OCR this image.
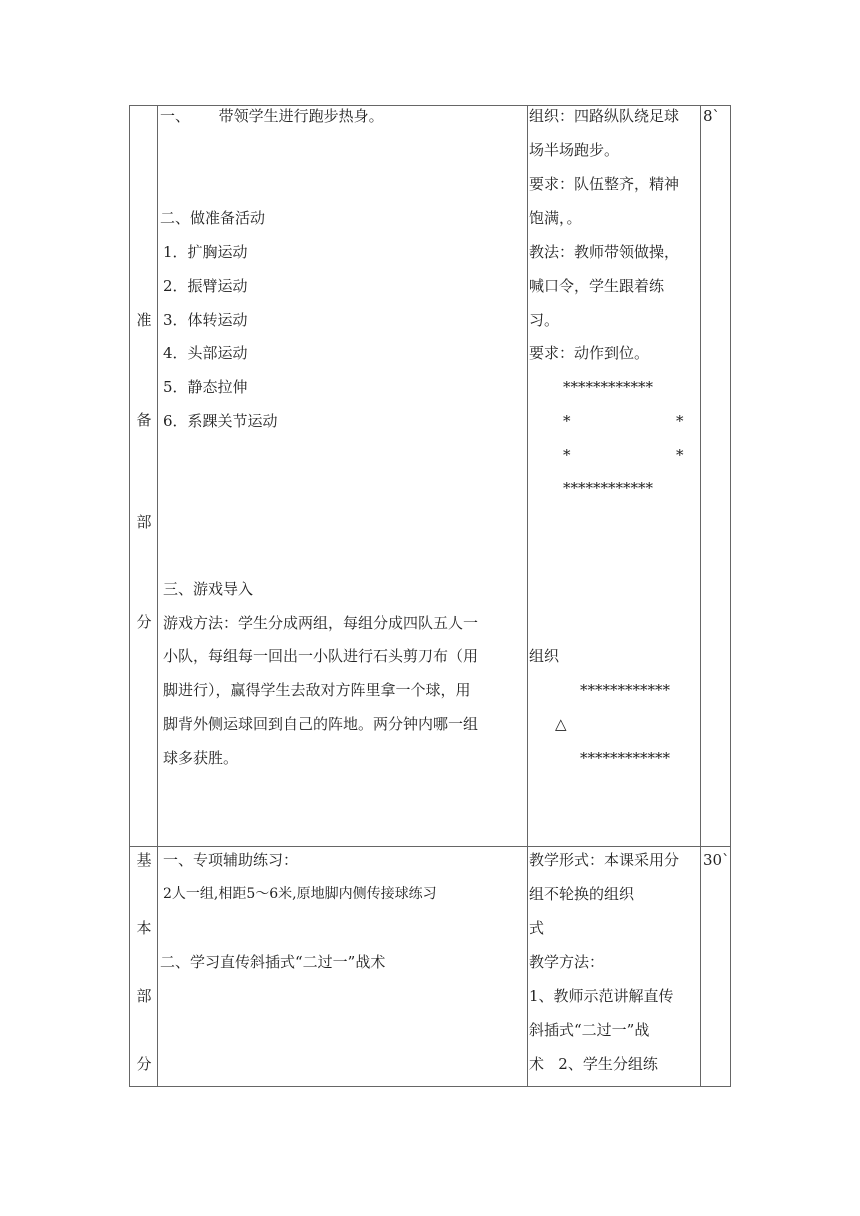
准
备
部
分
一、      带领学生进行跑步热身。
二、做准备活动
1．扩胸运动
2．振臂运动
3．体转运动
4．头部运动
5．静态拉伸
6．系踝关节运动
三、游戏导入
游戏方法：学生分成两组，每组分成四队五人一
小队，每组每一回出一小队进行石头剪刀布（用
脚进行），赢得学生去敌对方阵里拿一个球，用
脚背外侧运球回到自己的阵地。两分钟内哪一组
球多获胜。
组织：四路纵队绕足球
场半场跑步。
要求：队伍整齐，精神
饱满，。
教法：教师带领做操，
喊口令，学生跟着练
习。
要求：动作到位。
************
*	*
*	*
************
组织
************
△
************
8`
基
本
部
分
一、专项辅助练习：
2人一组,相距5～6米,原地脚内侧传接球练习
二、学习直传斜插式“二过一”战术
教学形式：本课采用分
组不轮换的组织
式
教学方法：
1、教师示范讲解直传
斜插式“二过一”战
术   2、学生分组练
30`
